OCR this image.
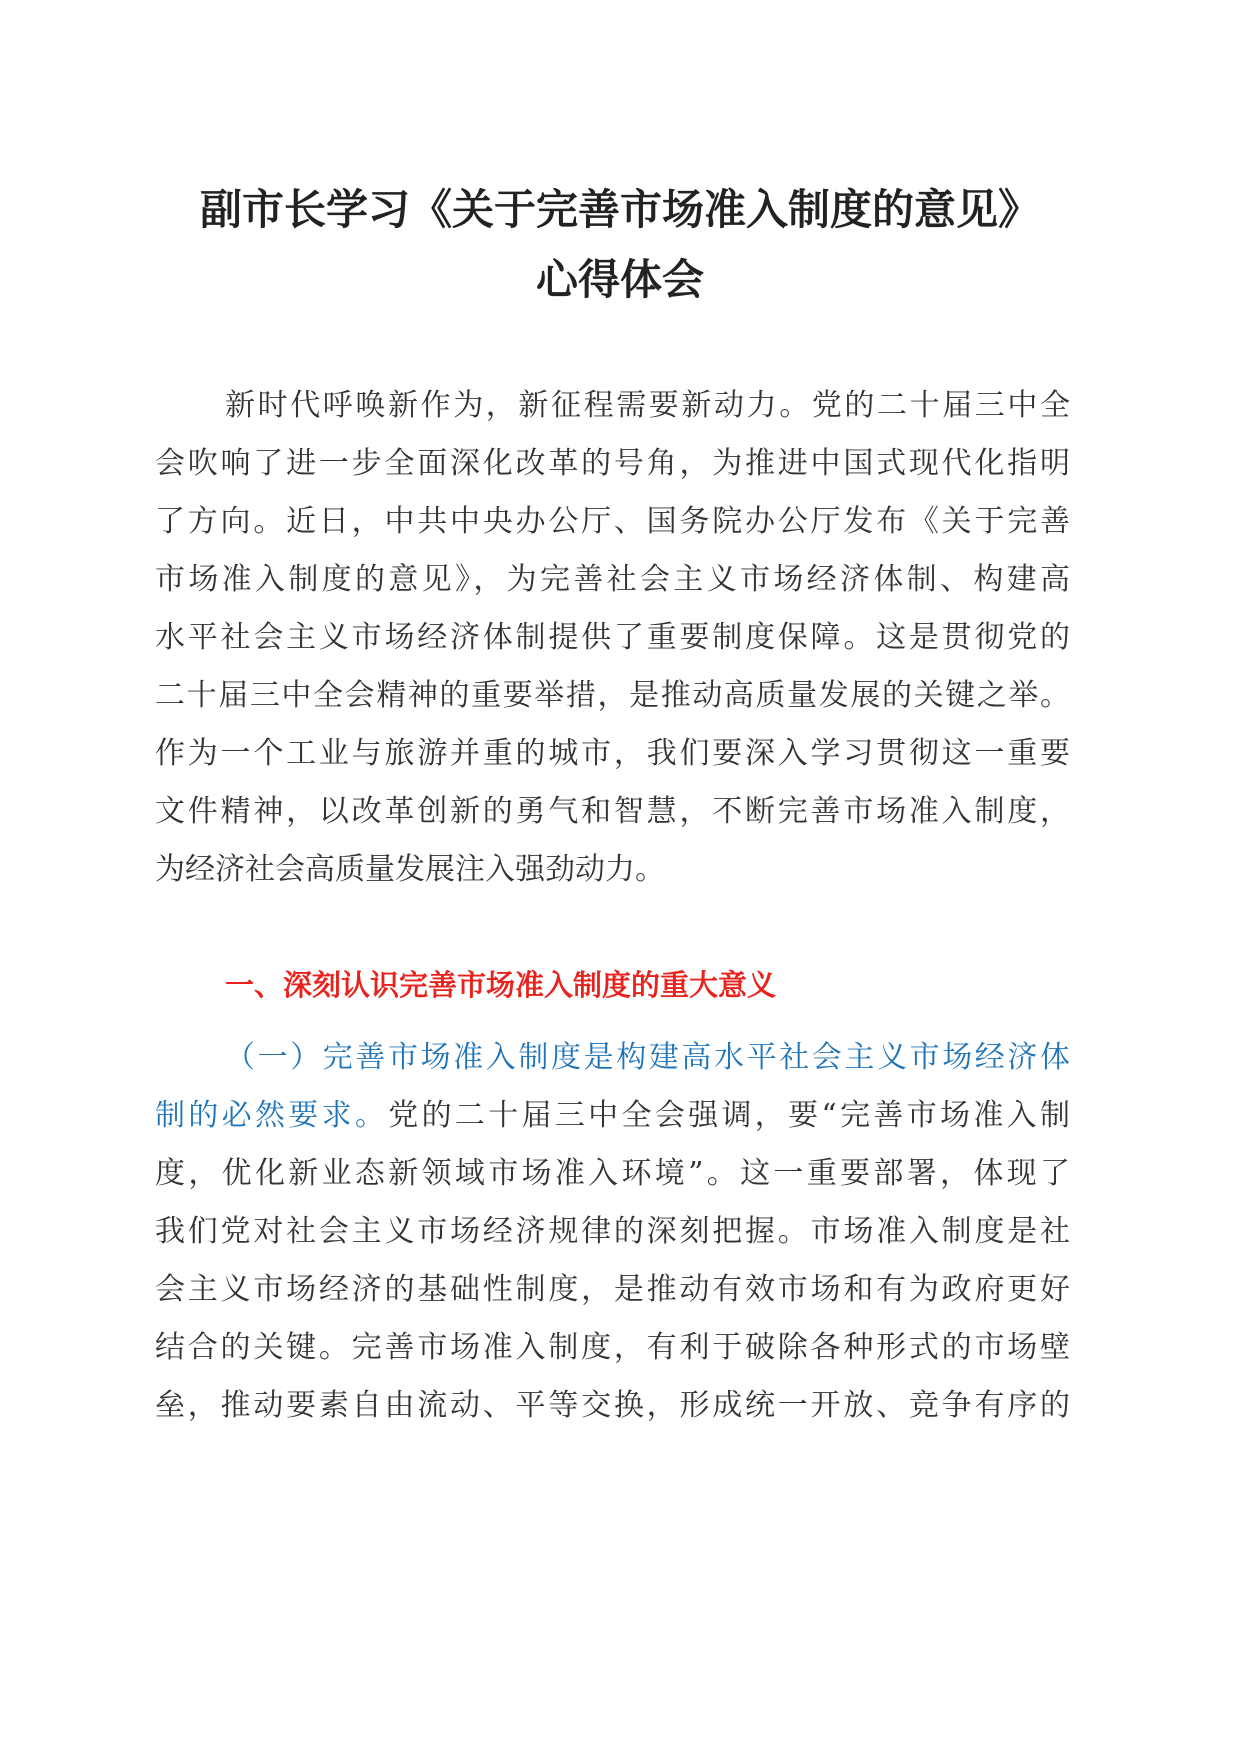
副市长学习《关于完善市场准入制度的意见》
心得体会
新时代呼唤新作为，新征程需要新动力。党的二十届三中全
会吹响了进一步全面深化改革的号角，为推进中国式现代化指明
了方向。近日，中共中央办公厅、国务院办公厅发布《关于完善
市场准入制度的意见》，为完善社会主义市场经济体制、构建高
水平社会主义市场经济体制提供了重要制度保障。这是贯彻党的
二十届三中全会精神的重要举措，是推动高质量发展的关键之举。
作为一个工业与旅游并重的城市，我们要深入学习贯彻这一重要
文件精神，以改革创新的勇气和智慧，不断完善市场准入制度，
为经济社会高质量发展注入强劲动力。
一、深刻认识完善市场准入制度的重大意义
（一）完善市场准入制度是构建高水平社会主义市场经济体
制的必然要求。党的二十届三中全会强调，要“完善市场准入制
度，优化新业态新领域市场准入环境”。这一重要部署，体现了
我们党对社会主义市场经济规律的深刻把握。市场准入制度是社
会主义市场经济的基础性制度，是推动有效市场和有为政府更好
结合的关键。完善市场准入制度，有利于破除各种形式的市场壁
垒，推动要素自由流动、平等交换，形成统一开放、竞争有序的
